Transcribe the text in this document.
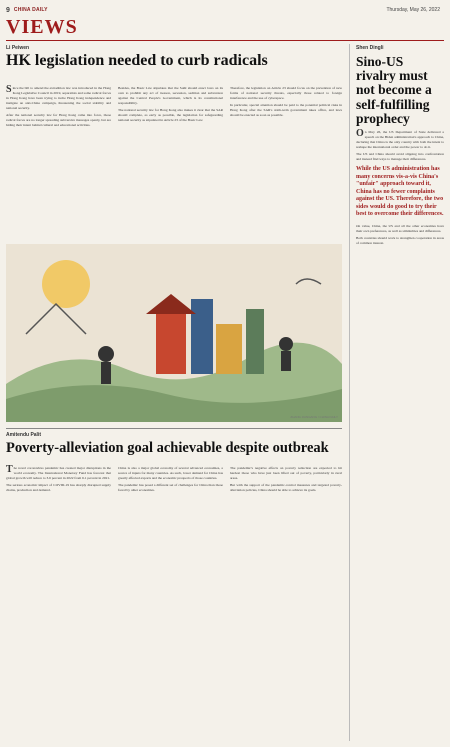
9 CHINA DAILY	Thursday, May 26, 2022
VIEWS
Li Peiwen
HK legislation needed to curb radicals

Since the bill to amend the extradition law was introduced in the Hong Kong Legislative Council in 2019, separatists and some radical forces in Hong Kong have been trying to incite Hong Kong independence and instigate an anti-China campaign, threatening the social stability and national security.

After the national security law for Hong Kong came into force, those radical forces are no longer spreading subversive messages openly, but are hiding their intent behind cultural and educational activities.

Besides, the Basic Law stipulates that the SAR should enact laws on its own to prohibit any act of treason, secession, sedition and subversion against the Central People's Government, which is its constitutional responsibility.

The national security law for Hong Kong also makes it clear that the SAR should complete, as early as possible, the legislation for safeguarding national security as stipulated in Article 23 of the Basic Law.

Therefore, the legislation on Article 23 should focus on the prevention of new forms of national security threats, especially those related to foreign interference and the use of cyberspace.

In particular, special attention should be paid to the potential political risks in Hong Kong after the SAR's sixth-term government takes office, and laws should be enacted as soon as possible.

ZHANG JIANGANG / CHINA DAILY
Amitendu Palit
Poverty-alleviation goal achievable despite outbreak

The novel coronavirus pandemic has created major disruptions in the world economy. The International Monetary Fund has forecast that global growth will reduce to 3.6 percent in 2022 from 6.1 percent in 2021.

The serious economic impact of COVID-19 has sharply disrupted supply chains, production and demand.

China is also a major global economy of several advanced economies, a source of inputs for many countries. As such, lower demand for China has greatly affected exports and the economic prospects of those countries.

The pandemic has posed a different set of challenges for China than those faced by other economies.

The pandemic's negative effects on poverty reduction are expected to hit hardest those who have just been lifted out of poverty, particularly in rural areas.

But with the support of the pandemic-control measures and targeted poverty-alleviation policies, China should be able to achieve its goals.

Shen Dingli
Sino-US rivalry must not become a self-fulfilling prophecy

On May 26, the US Department of State delivered a speech on the Biden administration's approach to China, declaring that China is the only country with both the intent to reshape the international order and the power to do it.

The US and China should avoid slipping into confrontation and instead find ways to manage their differences.

While the US administration has many concerns vis-a-vis China's "unfair" approach toward it, China has no fewer complaints against the US. Therefore, the two sides would do good to try their best to overcome their differences.

On value, China, the US and all the other economies have their own preferences, as well as similarities and differences.

Both countries should work to strengthen cooperation in areas of common interest.
